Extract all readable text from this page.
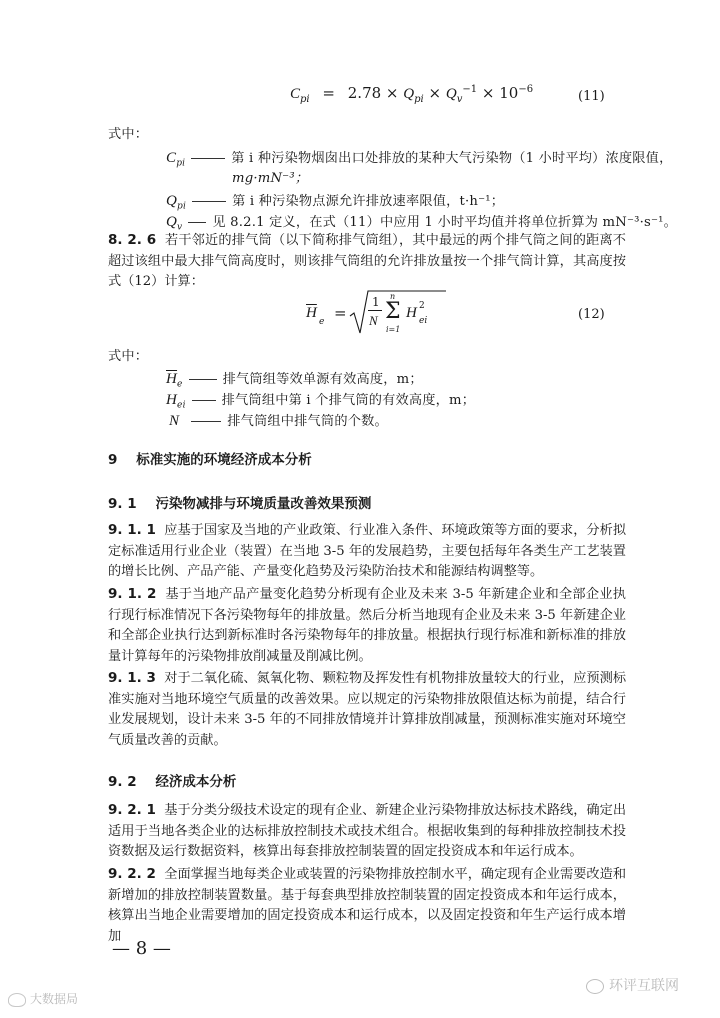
$C_{pi} = 2.78 \times Q_{pi} \times Q_v^{-1} \times 10^{-6}$	(11)
式中：
$C_{pi}$	第 i 种污染物烟囱出口处排放的某种大气污染物（1 小时平均）浓度限值，
mg·mN⁻³；
$Q_{pi}$	第 i 种污染物点源允许排放速率限值，t·h⁻¹；
$Q_v$ 见 8.2.1 定义，在式（11）中应用 1 小时平均值并将单位折算为 mN⁻³·s⁻¹。
8. 2. 6 若干邻近的排气筒（以下简称排气筒组），其中最远的两个排气筒之间的距离不超过该组中最大排气筒高度时，则该排气筒组的允许排放量按一个排气筒计算，其高度按式（12）计算：
$\overline{H}$
e =
1
N
n
Σ
i=1
H 2
ei	(12)
式中：
$\overline{H}_e$	排气筒组等效单源有效高度，m；
$H_{ei}$	排气筒组中第 i 个排气筒的有效高度，m；
N	排气筒组中排气筒的个数。
9 标准实施的环境经济成本分析
9. 1 污染物减排与环境质量改善效果预测
9. 1. 1 应基于国家及当地的产业政策、行业准入条件、环境政策等方面的要求，分析拟定标准适用行业企业（装置）在当地 3-5 年的发展趋势，主要包括每年各类生产工艺装置的增长比例、产品产能、产量变化趋势及污染防治技术和能源结构调整等。
9. 1. 2 基于当地产品产量变化趋势分析现有企业及未来 3-5 年新建企业和全部企业执行现行标准情况下各污染物每年的排放量。然后分析当地现有企业及未来 3-5 年新建企业和全部企业执行达到新标准时各污染物每年的排放量。根据执行现行标准和新标准的排放量计算每年的污染物排放削减量及削减比例。
9. 1. 3 对于二氧化硫、氮氧化物、颗粒物及挥发性有机物排放量较大的行业，应预测标准实施对当地环境空气质量的改善效果。应以规定的污染物排放限值达标为前提，结合行业发展规划，设计未来 3-5 年的不同排放情境并计算排放削减量，预测标准实施对环境空气质量改善的贡献。
9. 2 经济成本分析
9. 2. 1 基于分类分级技术设定的现有企业、新建企业污染物排放达标技术路线，确定出适用于当地各类企业的达标排放控制技术或技术组合。根据收集到的每种排放控制技术投资数据及运行数据资料，核算出每套排放控制装置的固定投资成本和年运行成本。
9. 2. 2 全面掌握当地每类企业或装置的污染物排放控制水平，确定现有企业需要改造和新增加的排放控制装置数量。基于每套典型排放控制装置的固定投资成本和年运行成本，核算出当地企业需要增加的固定投资成本和运行成本，以及固定投资和年生产运行成本增加
— 8 —
大数据局
环评互联网
